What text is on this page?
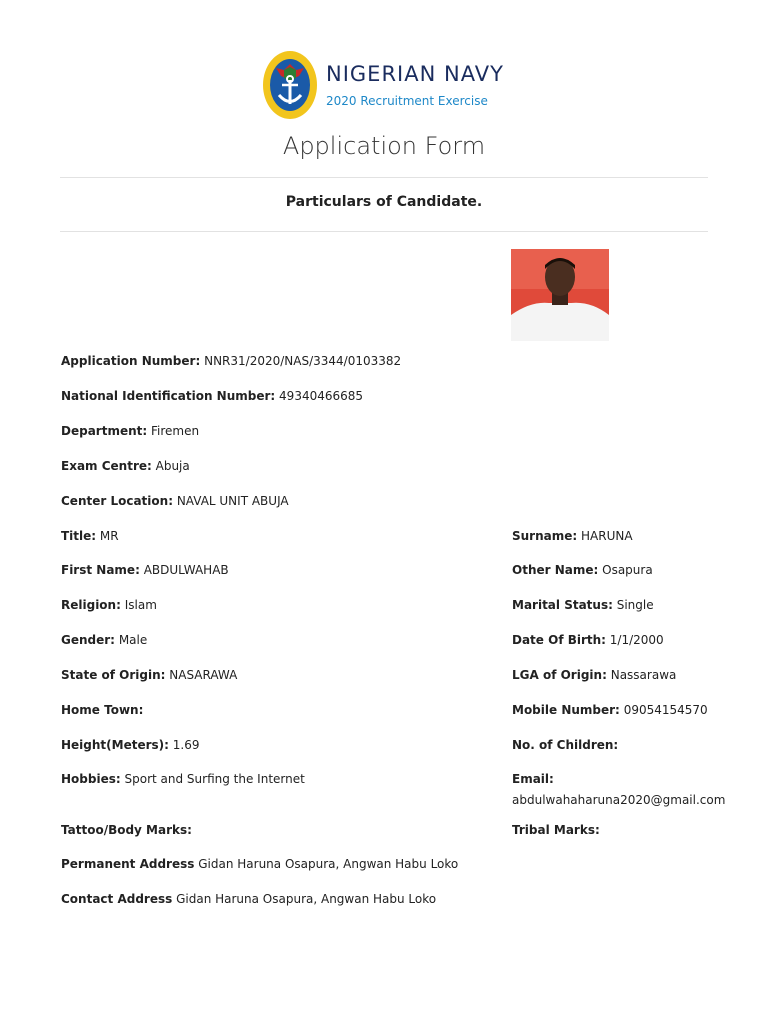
NIGERIAN NAVY
2020 Recruitment Exercise
Application Form
Particulars of Candidate.
Application Number: NNR31/2020/NAS/3344/0103382
National Identification Number: 49340466685
Department: Firemen
Exam Centre: Abuja
Center Location: NAVAL UNIT ABUJA
Title: MR	Surname: HARUNA
First Name: ABDULWAHAB	Other Name: Osapura
Religion: Islam	Marital Status: Single
Gender: Male	Date Of Birth: 1/1/2000
State of Origin: NASARAWA	LGA of Origin: Nassarawa
Home Town:	Mobile Number: 09054154570
Height(Meters): 1.69	No. of Children:
Hobbies: Sport and Surfing the Internet	Email:
abdulwahaharuna2020@gmail.com
Tattoo/Body Marks:	Tribal Marks:
Permanent Address Gidan Haruna Osapura, Angwan Habu Loko
Contact Address Gidan Haruna Osapura, Angwan Habu Loko
